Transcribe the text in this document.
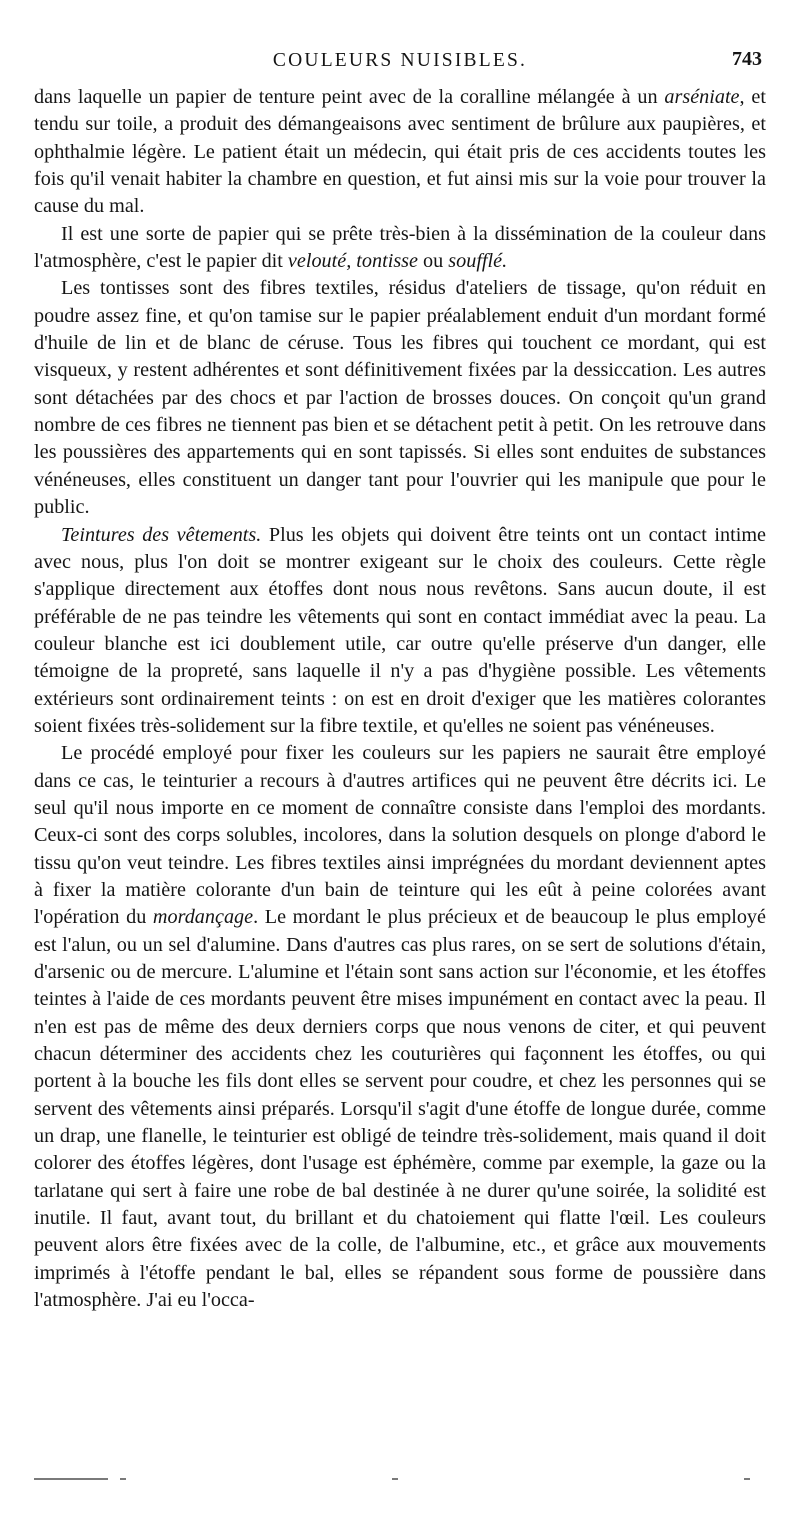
COULEURS NUISIBLES.	743

dans laquelle un papier de tenture peint avec de la coralline mélangée à un arséniate, et tendu sur toile, a produit des démangeaisons avec sentiment de brûlure aux paupières, et ophthalmie légère. Le patient était un médecin, qui était pris de ces accidents toutes les fois qu'il venait habiter la chambre en question, et fut ainsi mis sur la voie pour trouver la cause du mal.

Il est une sorte de papier qui se prête très-bien à la dissémination de la couleur dans l'atmosphère, c'est le papier dit velouté, tontisse ou soufflé.

Les tontisses sont des fibres textiles, résidus d'ateliers de tissage, qu'on réduit en poudre assez fine, et qu'on tamise sur le papier préalablement enduit d'un mordant formé d'huile de lin et de blanc de céruse. Tous les fibres qui touchent ce mordant, qui est visqueux, y restent adhérentes et sont définitivement fixées par la dessiccation. Les autres sont détachées par des chocs et par l'action de brosses douces. On conçoit qu'un grand nombre de ces fibres ne tiennent pas bien et se détachent petit à petit. On les retrouve dans les poussières des appartements qui en sont tapissés. Si elles sont enduites de substances vénéneuses, elles constituent un danger tant pour l'ouvrier qui les manipule que pour le public.

Teintures des vêtements. Plus les objets qui doivent être teints ont un contact intime avec nous, plus l'on doit se montrer exigeant sur le choix des couleurs. Cette règle s'applique directement aux étoffes dont nous nous revêtons. Sans aucun doute, il est préférable de ne pas teindre les vêtements qui sont en contact immédiat avec la peau. La couleur blanche est ici doublement utile, car outre qu'elle préserve d'un danger, elle témoigne de la propreté, sans laquelle il n'y a pas d'hygiène possible. Les vêtements extérieurs sont ordinairement teints : on est en droit d'exiger que les matières colorantes soient fixées très-solidement sur la fibre textile, et qu'elles ne soient pas vénéneuses.

Le procédé employé pour fixer les couleurs sur les papiers ne saurait être employé dans ce cas, le teinturier a recours à d'autres artifices qui ne peuvent être décrits ici. Le seul qu'il nous importe en ce moment de connaître consiste dans l'emploi des mordants. Ceux-ci sont des corps solubles, incolores, dans la solution desquels on plonge d'abord le tissu qu'on veut teindre. Les fibres textiles ainsi imprégnées du mordant deviennent aptes à fixer la matière colorante d'un bain de teinture qui les eût à peine colorées avant l'opération du mordançage. Le mordant le plus précieux et de beaucoup le plus employé est l'alun, ou un sel d'alumine. Dans d'autres cas plus rares, on se sert de solutions d'étain, d'arsenic ou de mercure. L'alumine et l'étain sont sans action sur l'économie, et les étoffes teintes à l'aide de ces mordants peuvent être mises impunément en contact avec la peau. Il n'en est pas de même des deux derniers corps que nous venons de citer, et qui peuvent chacun déterminer des accidents chez les couturières qui façonnent les étoffes, ou qui portent à la bouche les fils dont elles se servent pour coudre, et chez les personnes qui se servent des vêtements ainsi préparés. Lorsqu'il s'agit d'une étoffe de longue durée, comme un drap, une flanelle, le teinturier est obligé de teindre très-solidement, mais quand il doit colorer des étoffes légères, dont l'usage est éphémère, comme par exemple, la gaze ou la tarlatane qui sert à faire une robe de bal destinée à ne durer qu'une soirée, la solidité est inutile. Il faut, avant tout, du brillant et du chatoiement qui flatte l'œil. Les couleurs peuvent alors être fixées avec de la colle, de l'albumine, etc., et grâce aux mouvements imprimés à l'étoffe pendant le bal, elles se répandent sous forme de poussière dans l'atmosphère. J'ai eu l'occa-
